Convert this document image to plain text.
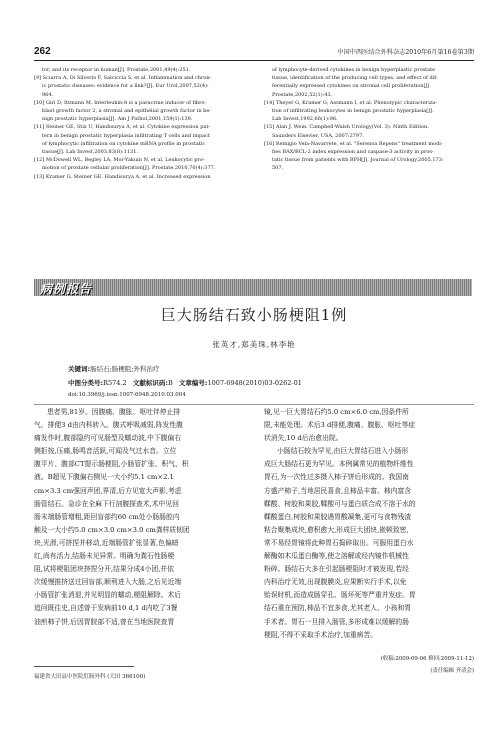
262	中国中西医结合外科杂志2010年6月第16卷第3期

tor, and its receptor in human[J]. Prostate,2001,49(4):251.

[9] Sciarra A, Di Silverio F, Salciccia S, et al. Inflammation and chron-

ic prostatic diseases: evidence for a link?[J]. Eur Urol,2007,52(4):

964.

[10] Giri D, Ittmann M. Interleukin-8 is a paracrine inducer of fibro-

blast growth factor 2, a stromal and epithelial growth factor in be-

nign prostatic hyperplasia[J]. Am J Pathol,2001,159(1):139.

[11] Steiner GE, Stix U, Handisurya A, et al. Cytokine expression pat-

tern in benign prostatic hyperplasia infiltrating T cells and impact

of lymphocytic infiltration on cytokine mRNA profile in prostatic

tissue[J]. Lab Invest,2003,83(8):1131.

[12] McDowell WL, Begley LA, Mor-Yakuin N, et al. Leukocytic pro-

motion of prostate cellular proliferation[J]. Prostate,2010,70(4):377.

[13] Kramer G, Steiner GE, Handisurya A, et al. Increased expression

of lymphocyte-derived cytokines in benign hyperplastic prostate

tissue, identification of the producing cell types, and effect of dif-

ferentially expressed cytokines on stromal cell proliferation[J].

Prostate,2002,52(1):43.

[14] Theyer G, Kramer G, Assmann I, et al. Phenotypic characteriza-

tion of infiltrating leukocytes in benign prostatic hyperplasia[J].

Lab Invest,1992,66(1):96.

[15] Alan J. Wein. Campbell-Walsh Urology(Vol. 3). Ninth Edition.

Saunders Elsevier, USA, 2007:2797.

[16] Remigio Vela-Navarrete, et al. "Serenoa Repens" treatment modi-

fies BAX/BCL-2 index expression and caspase-3 activity in pros-

tatic tissue from patients with BPH[J]. Journal of Urology,2005,173:

507.

病例报告
巨大肠结石致小肠梗阻1例
张英才,郑美珠,林李艳
关键词:肠结石;肠梗阻;外科治疗
中图分类号:R574.2 文献标识码:B 文章编号:1007-6948(2010)03-0262-01
doi:10.3969/j.issn.1007-6948.2010.03.004

患者男,81岁。因腹痛、腹胀、呕吐伴停止排

气、排便3 d由内科转入。腹式呼吸减弱,阵发性腹

痛发作时,腹部隐约可见肠型及蠕动波,中下腹偏右

侧拒按,压痛,肠鸣音活跃,可闻及气过水音。立位

腹平片、腹部CT提示肠梗阻,小肠管扩张、积气、积

液。B超见下腹偏右侧见一大小约5.1 cm×2.1

cm×3.3 cm强回声团,界清,后方见宽大声影,考虑

肠管结石。急诊在全麻下行剖腹探查术,术中见回

肠末端肠管增粗,距回盲部约60 cm处小肠肠腔内

触及一大小约5.0 cm×3.0 cm×3.0 cm粪样质韧团

块,光滑,可挤捏并移动,近端肠管扩张显著,色偏暗

红,尚有活力,结肠未见异常。明确为粪石性肠梗

阻,试将梗阻团块挤捏分开,结果分成4小团,并依

次缓慢推挤送过回盲部,顺利进入大肠,之后见近端

小肠管扩张消退,并见明显的蠕动,梗阻解除。术后

追问既往史,自述曾于发病前10 d,1 d内吃了3餐

油煎柿子饼,后因胃脘部不适,曾在当地医院查胃

镜,见一巨大胃结石约5.0 cm×6.0 cm,因条件所

限,未能处理。术后3 d排便,腹痛、腹胀、呕吐等症

状消失,10 d后治愈出院。

小肠结石较为罕见,由巨大胃结石进入小肠形

成巨大肠结石更为罕见。本例属常见的植物纤维性

胃石,为一次性过多摄入柿子饼后形成的。我国南

方盛产柿子,当地居民喜食,且柿品丰富。柿内富含

鞣酸、树胶和果胶,鞣酸可与蛋白质合成不溶于水的

鞣酸蛋白,树胶和果胶遇胃酸凝集,更可与食物残渣

粘合聚集成块,愈积愈大,形成巨大团块,嵌顿致密,

常不易经胃镜将此种胃石捣碎取出。可服用蛋白水

解酶如木瓜蛋白酶等,使之溶解或经内镜作机械性

粉碎。肠结石大多在引起肠梗阻时才被发现,若经

内科治疗无效,出现腹膜炎,应果断实行手术,以免

贻误时机,而造成肠穿孔、肠坏死等严重并发症。胃

结石重在预防,柿品不宜多食,尤其老人、小孩和胃

手术者。胃石一旦排入肠管,多形成难以缓解的肠

梗阻,不得不采取手术治疗,加重病苦。

(收稿:2009-09-06 修回:2009-11-12)
(责任编辑 齐清会)
福建省大田县中医院肛肠外科 (大田 366100)
